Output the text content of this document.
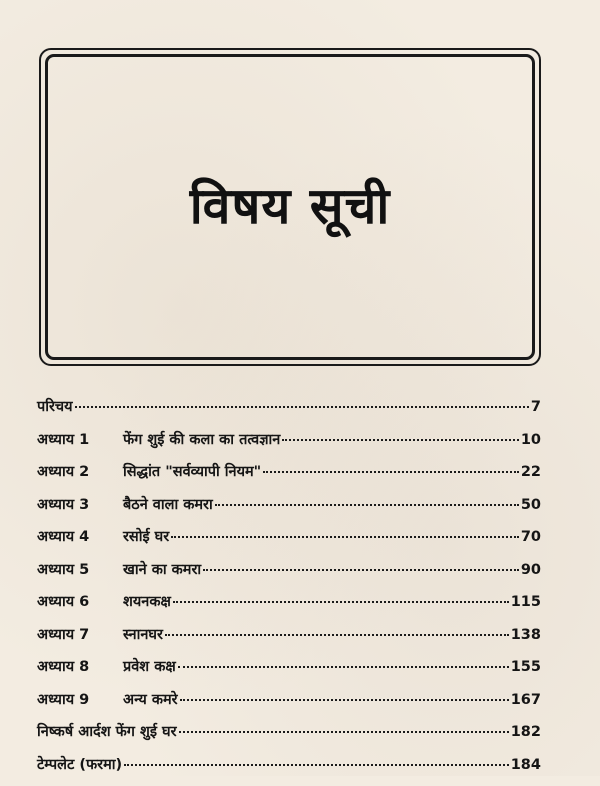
विषय सूची
परिचय	7
अध्याय 1	फेंग शुई की कला का तत्वज्ञान	10
अध्याय 2	सिद्धांत "सर्वव्यापी नियम"	22
अध्याय 3	बैठने वाला कमरा	50
अध्याय 4	रसोई घर	70
अध्याय 5	खाने का कमरा	90
अध्याय 6	शयनकक्ष	115
अध्याय 7	स्नानघर	138
अध्याय 8	प्रवेश कक्ष	155
अध्याय 9	अन्य कमरे	167
निष्कर्ष आर्दश फेंग शुई घर	182
टेम्पलेट (फरमा)	184
